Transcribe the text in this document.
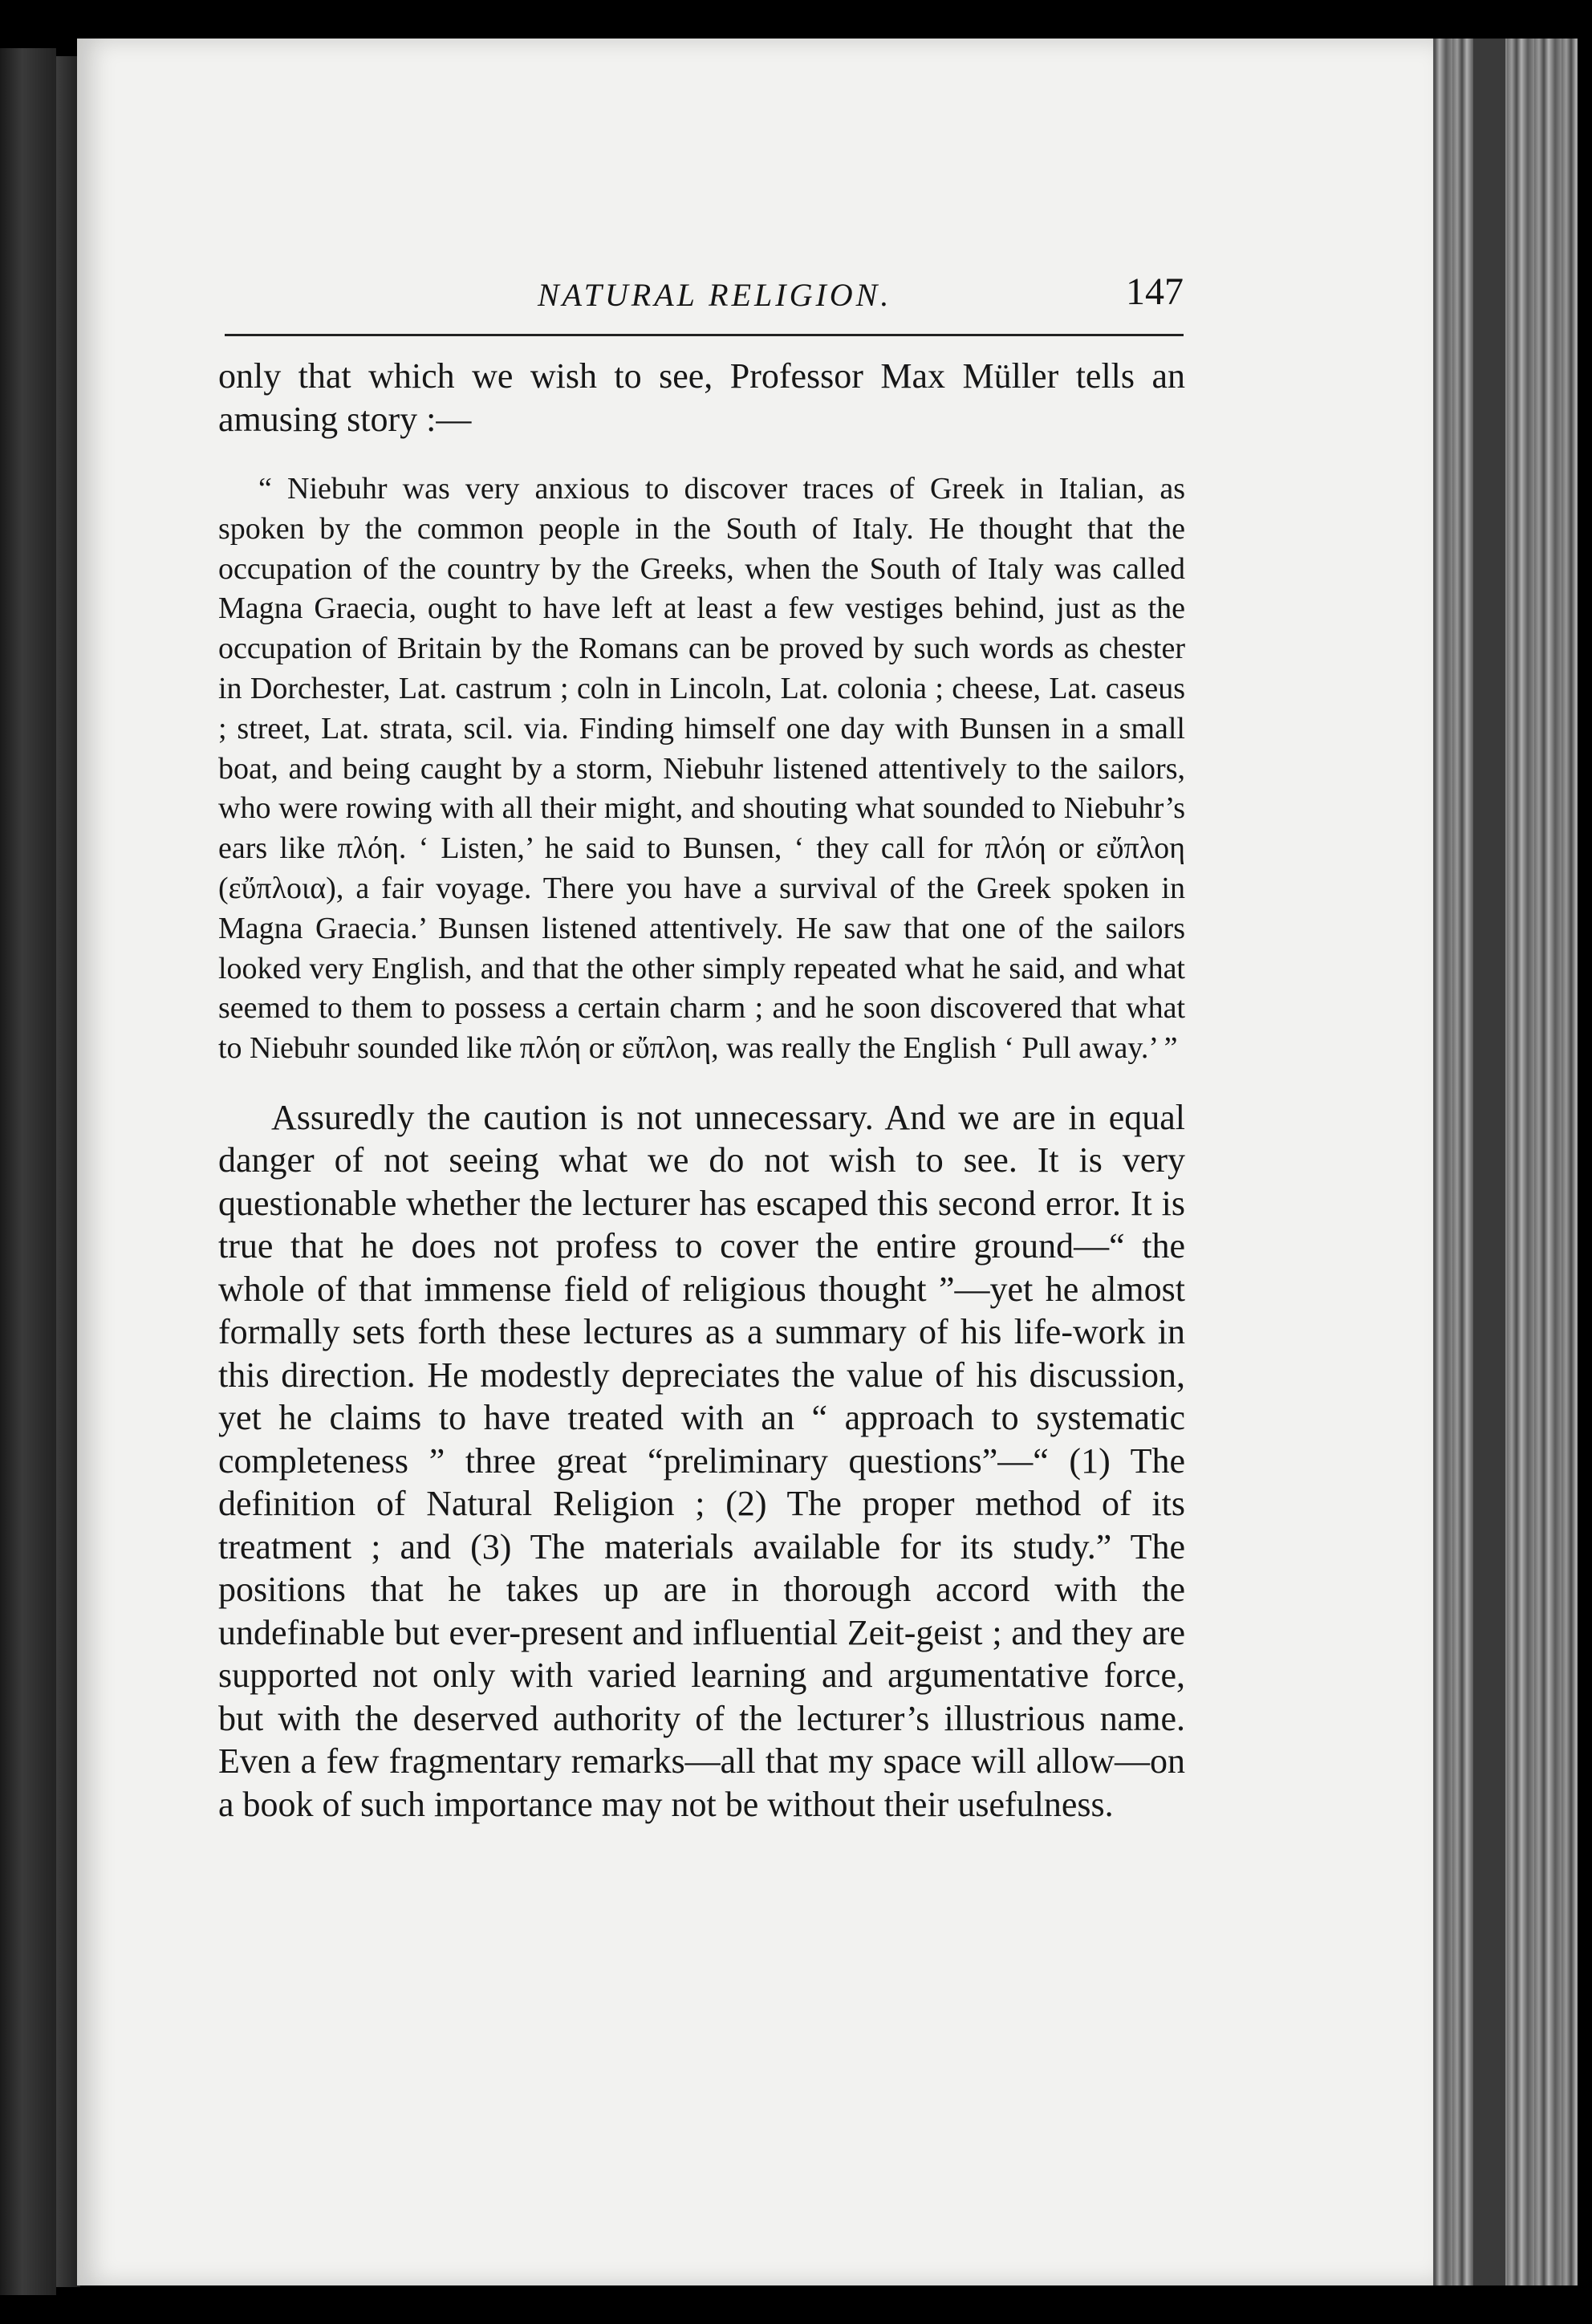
NATURAL RELIGION.	147

only that which we wish to see, Professor Max Müller tells an amusing story :—

“ Niebuhr was very anxious to discover traces of Greek in Italian, as spoken by the common people in the South of Italy. He thought that the occupation of the country by the Greeks, when the South of Italy was called Magna Graecia, ought to have left at least a few vestiges behind, just as the occupation of Britain by the Romans can be proved by such words as chester in Dorchester, Lat. castrum ; coln in Lincoln, Lat. colonia ; cheese, Lat. caseus ; street, Lat. strata, scil. via. Finding himself one day with Bunsen in a small boat, and being caught by a storm, Niebuhr listened attentively to the sailors, who were rowing with all their might, and shouting what sounded to Niebuhr’s ears like πλόη. ‘ Listen,’ he said to Bunsen, ‘ they call for πλόη or εὔπλοη (εὔπλοια), a fair voyage. There you have a survival of the Greek spoken in Magna Graecia.’ Bunsen listened attentively. He saw that one of the sailors looked very English, and that the other simply repeated what he said, and what seemed to them to possess a certain charm ; and he soon discovered that what to Niebuhr sounded like πλόη or εὔπλοη, was really the English ‘ Pull away.’ ”

Assuredly the caution is not unnecessary. And we are in equal danger of not seeing what we do not wish to see. It is very questionable whether the lecturer has escaped this second error. It is true that he does not profess to cover the entire ground—“ the whole of that immense field of religious thought ”—yet he almost formally sets forth these lectures as a summary of his life-work in this direction. He modestly depreciates the value of his discussion, yet he claims to have treated with an “ approach to systematic completeness ” three great “preliminary questions”—“ (1) The definition of Natural Religion ; (2) The proper method of its treatment ; and (3) The materials available for its study.” The positions that he takes up are in thorough accord with the undefinable but ever-present and influential Zeit-geist ; and they are supported not only with varied learning and argumentative force, but with the deserved authority of the lecturer’s illustrious name. Even a few fragmentary remarks—all that my space will allow—on a book of such importance may not be without their usefulness.
